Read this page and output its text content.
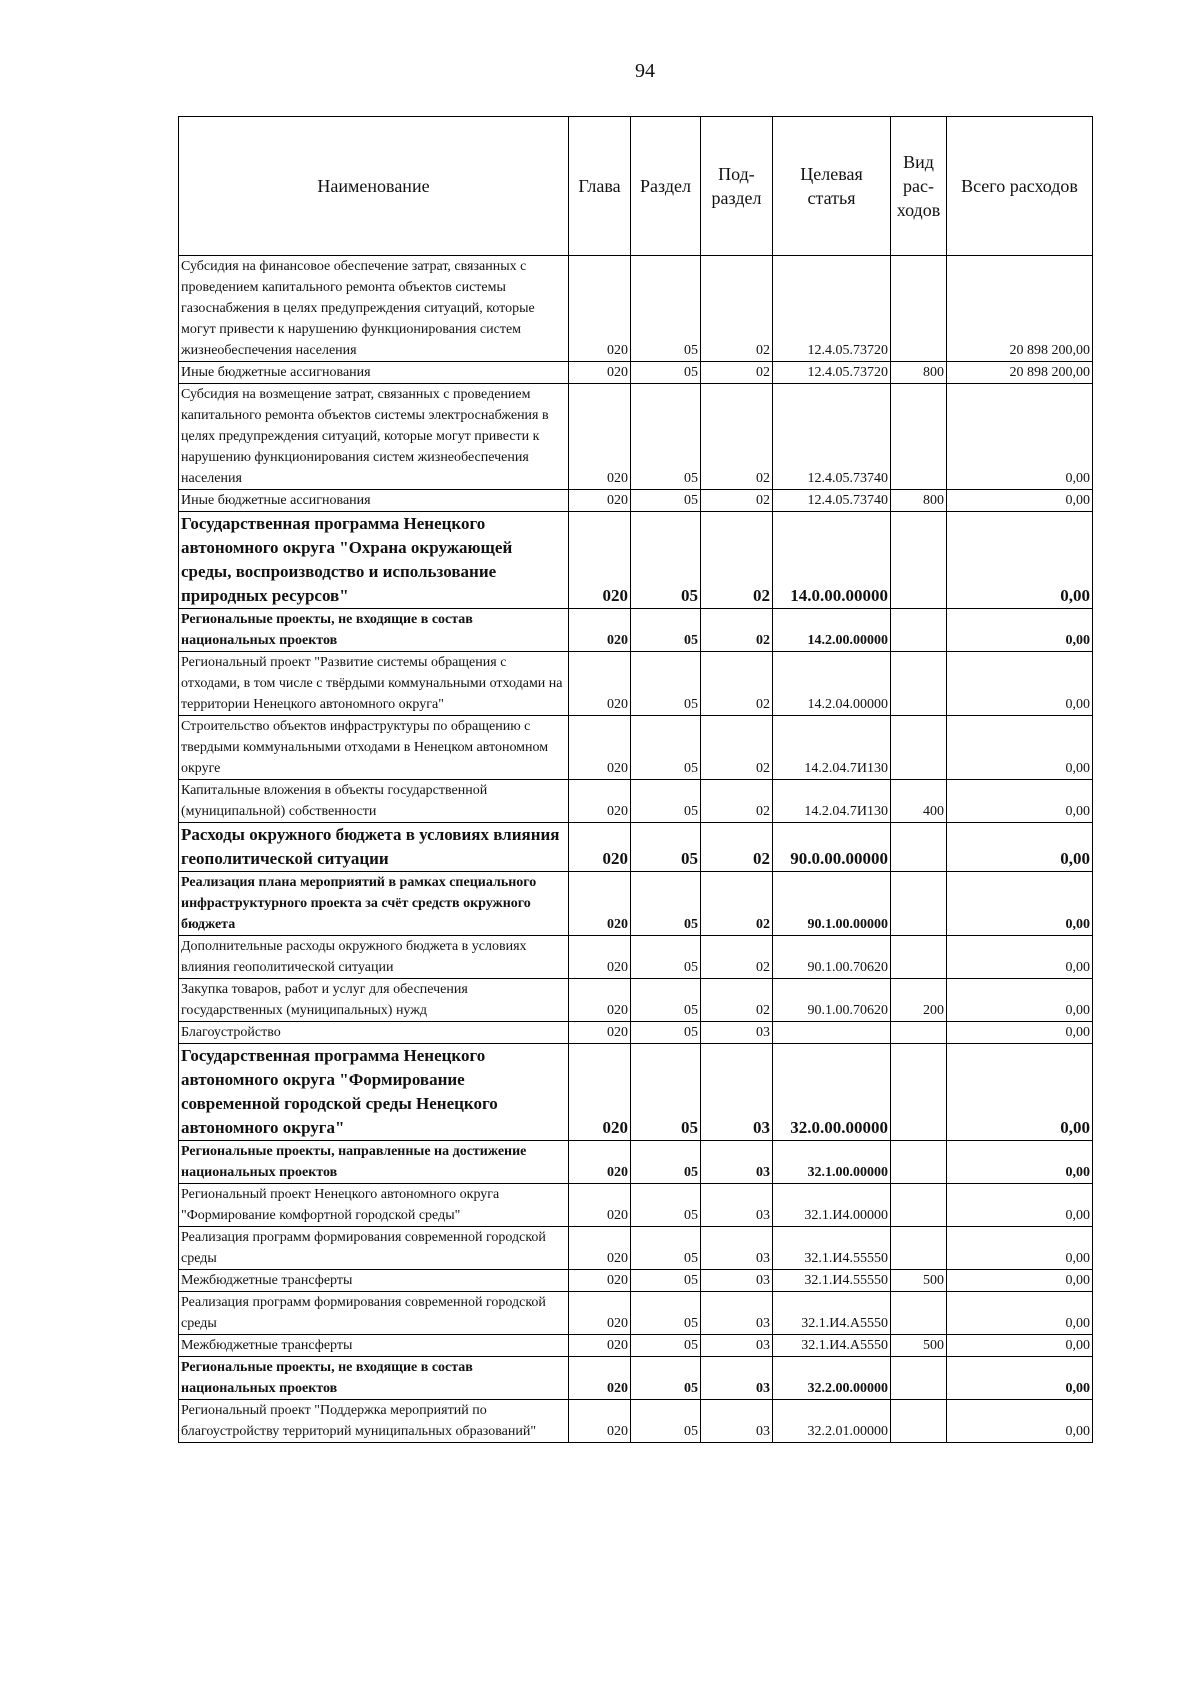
94
Наименование	Глава	Раздел	Под-раздел	Целевая статья	Вид рас-ходов	Всего расходов
Субсидия на финансовое обеспечение затрат, связанных с проведением капитального ремонта объектов системы газоснабжения в целях предупреждения ситуаций, которые могут привести к нарушению функционирования систем жизнеобеспечения населения	020	05	02	12.4.05.73720		20 898 200,00
Иные бюджетные ассигнования	020	05	02	12.4.05.73720	800	20 898 200,00
Субсидия на возмещение затрат, связанных с проведением капитального ремонта объектов системы электроснабжения в целях предупреждения ситуаций, которые могут привести к нарушению функционирования систем жизнеобеспечения населения	020	05	02	12.4.05.73740		0,00
Иные бюджетные ассигнования	020	05	02	12.4.05.73740	800	0,00
Государственная программа Ненецкого автономного округа "Охрана окружающей среды, воспроизводство и использование природных ресурсов"	020	05	02	14.0.00.00000		0,00
Региональные проекты, не входящие в состав национальных проектов	020	05	02	14.2.00.00000		0,00
Региональный проект "Развитие системы обращения с отходами, в том числе с твёрдыми коммунальными отходами на территории Ненецкого автономного округа"	020	05	02	14.2.04.00000		0,00
Строительство объектов инфраструктуры по обращению с твердыми коммунальными отходами в Ненецком автономном округе	020	05	02	14.2.04.7И130		0,00
Капитальные вложения в объекты государственной (муниципальной) собственности	020	05	02	14.2.04.7И130	400	0,00
Расходы окружного бюджета в условиях влияния геополитической ситуации	020	05	02	90.0.00.00000		0,00
Реализация плана мероприятий в рамках специального инфраструктурного проекта за счёт средств окружного бюджета	020	05	02	90.1.00.00000		0,00
Дополнительные расходы окружного бюджета в условиях влияния геополитической ситуации	020	05	02	90.1.00.70620		0,00
Закупка товаров, работ и услуг для обеспечения государственных (муниципальных) нужд	020	05	02	90.1.00.70620	200	0,00
Благоустройство	020	05	03			0,00
Государственная программа Ненецкого автономного округа "Формирование современной городской среды Ненецкого автономного округа"	020	05	03	32.0.00.00000		0,00
Региональные проекты, направленные на достижение национальных проектов	020	05	03	32.1.00.00000		0,00
Региональный проект Ненецкого автономного округа "Формирование комфортной городской среды"	020	05	03	32.1.И4.00000		0,00
Реализация программ формирования современной городской среды	020	05	03	32.1.И4.55550		0,00
Межбюджетные трансферты	020	05	03	32.1.И4.55550	500	0,00
Реализация программ формирования современной городской среды	020	05	03	32.1.И4.А5550		0,00
Межбюджетные трансферты	020	05	03	32.1.И4.А5550	500	0,00
Региональные проекты, не входящие в состав национальных проектов	020	05	03	32.2.00.00000		0,00
Региональный проект "Поддержка мероприятий по благоустройству территорий муниципальных образований"	020	05	03	32.2.01.00000		0,00
